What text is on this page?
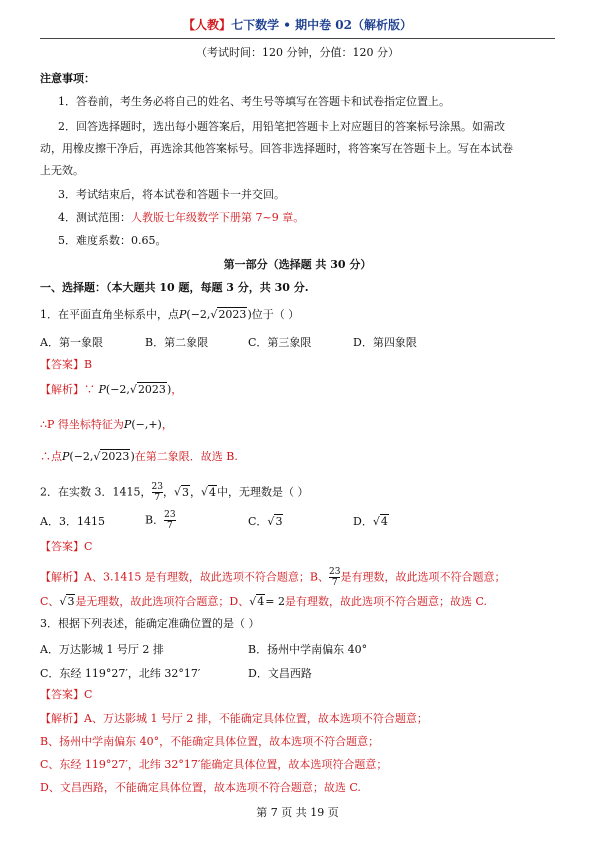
【人教】七下数学 • 期中卷 02（解析版）
（考试时间：120 分钟，分值：120 分）
注意事项：
1．答卷前，考生务必将自己的姓名、考生号等填写在答题卡和试卷指定位置上。
2．回答选择题时，选出每小题答案后，用铅笔把答题卡上对应题目的答案标号涂黑。如需改
动，用橡皮擦干净后，再选涂其他答案标号。回答非选择题时，将答案写在答题卡上。写在本试卷
上无效。
3．考试结束后，将本试卷和答题卡一并交回。
4．测试范围：人教版七年级数学下册第 7~9 章。
5．难度系数：0.65。
第一部分（选择题 共 30 分）
一、选择题：（本大题共 10 题，每题 3 分，共 30 分.
1．在平面直角坐标系中，点P(−2,√2023)位于（ ）
A．第一象限	B．第二象限	C．第三象限	D．第四象限
【答案】B
【解析】∵ P(−2,√2023)，
∴P 得坐标特征为P(−,+)，
∴点P(−2,√2023)在第二象限．故选 B.
2．在实数 3．1415， $\frac{23}{7}$ ，√3，√4中，无理数是（ ）
A．3．1415	B． $\frac{23}{7}$	C．√3	D．√4
【答案】C
【解析】A、3.1415 是有理数，故此选项不符合题意；B、 $\frac{23}{7}$ 是有理数，故此选项不符合题意；
C、√3是无理数，故此选项符合题意；D、√4= 2是有理数，故此选项不符合题意；故选 C.
3．根据下列表述，能确定准确位置的是（ ）
A．万达影城 1 号厅 2 排	B．扬州中学南偏东 40°
C．东经 119°27′，北纬 32°17′	D．文昌西路
【答案】C
【解析】A、万达影城 1 号厅 2 排，不能确定具体位置，故本选项不符合题意；
B、扬州中学南偏东 40°，不能确定具体位置，故本选项不符合题意；
C、东经 119°27′，北纬 32°17′能确定具体位置，故本选项符合题意；
D、文昌西路，不能确定具体位置，故本选项不符合题意；故选 C.
第 7 页 共 19 页
